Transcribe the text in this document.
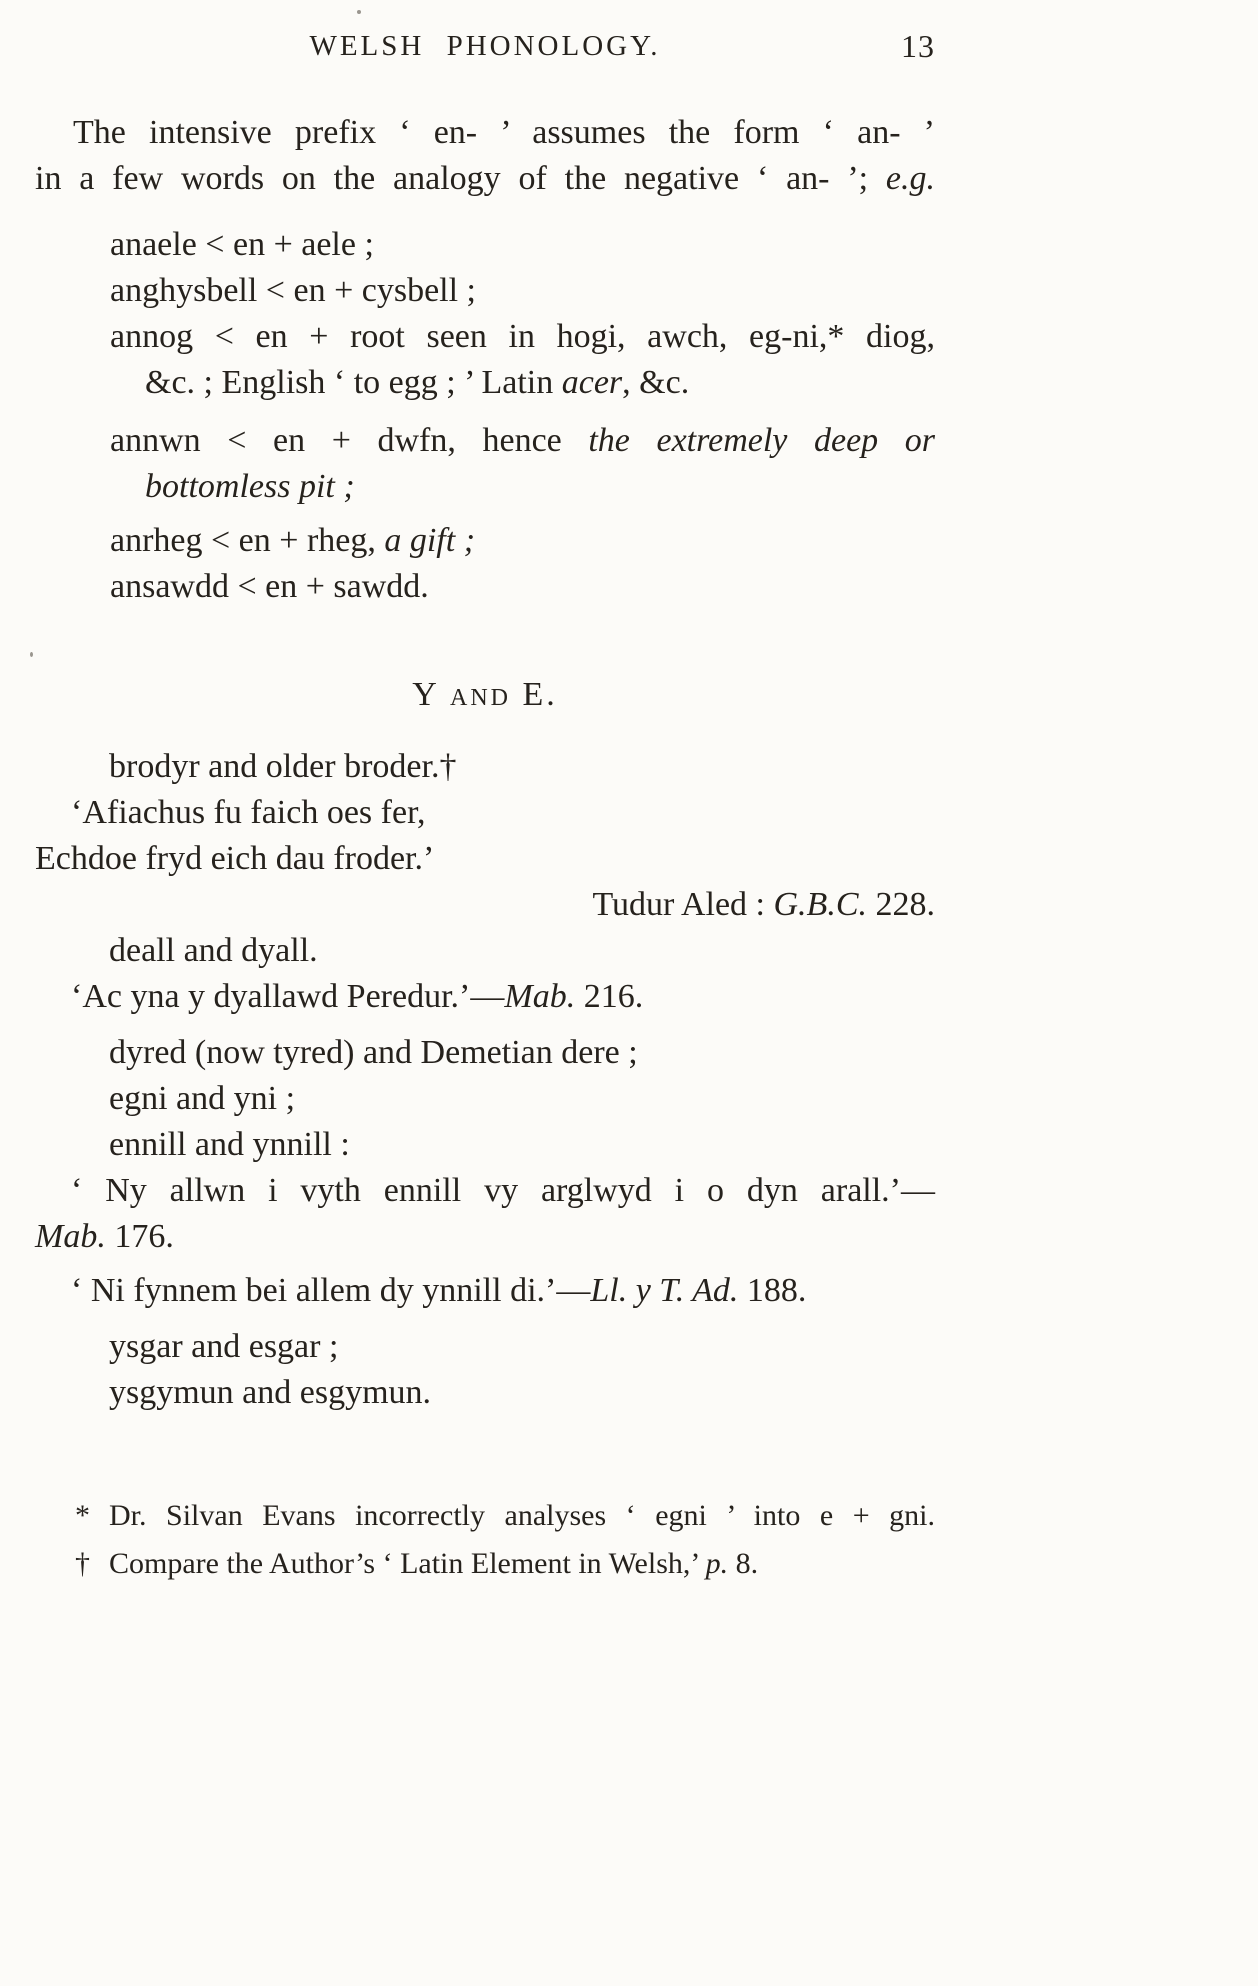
WELSH PHONOLOGY.	13
The intensive prefix ‘ en- ’ assumes the form ‘ an- ’
in a few words on the analogy of the negative ‘ an- ’; e.g.
anaele < en + aele ;
anghysbell < en + cysbell ;
annog < en + root seen in hogi, awch, eg-ni,* diog,
&c. ; English ‘ to egg ; ’ Latin acer, &c.
annwn < en + dwfn, hence the extremely deep or
bottomless pit ;
anrheg < en + rheg, a gift ;
ansawdd < en + sawdd.
Y and E.
brodyr and older broder.†
‘Afiachus fu faich oes fer,
Echdoe fryd eich dau froder.’
Tudur Aled : G.B.C. 228.
deall and dyall.
‘Ac yna y dyallawd Peredur.’—Mab. 216.
dyred (now tyred) and Demetian dere ;
egni and yni ;
ennill and ynnill :
‘ Ny allwn i vyth ennill vy arglwyd i o dyn arall.’—
Mab. 176.
‘ Ni fynnem bei allem dy ynnill di.’—Ll. y T. Ad. 188.
ysgar and esgar ;
ysgymun and esgymun.
* Dr. Silvan Evans incorrectly analyses ‘ egni ’ into e + gni.
† Compare the Author’s ‘ Latin Element in Welsh,’ p. 8.
